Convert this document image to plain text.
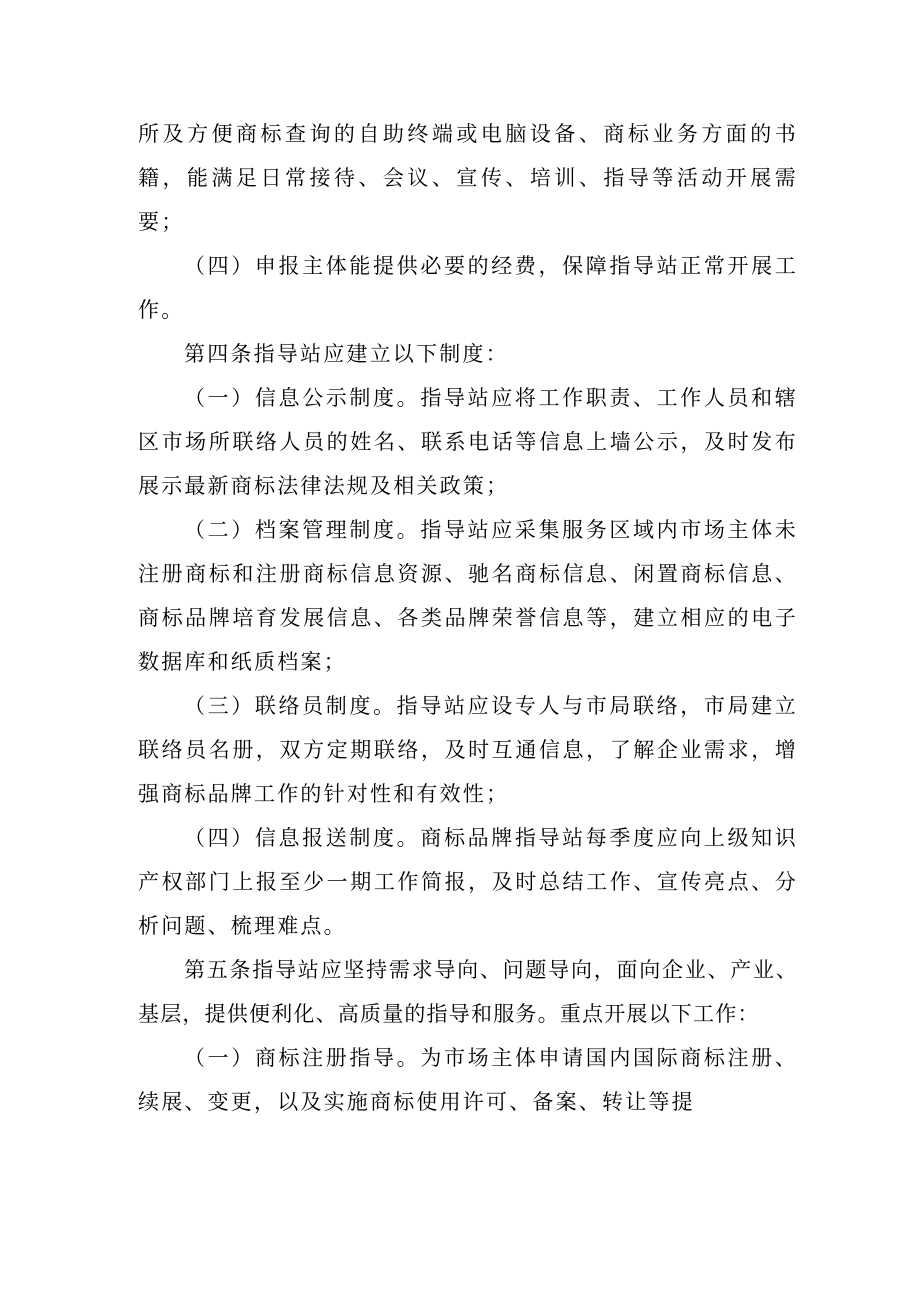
所及方便商标查询的自助终端或电脑设备、商标业务方面的书籍，能满足日常接待、会议、宣传、培训、指导等活动开展需要；

（四）申报主体能提供必要的经费，保障指导站正常开展工作。

第四条指导站应建立以下制度：

（一）信息公示制度。指导站应将工作职责、工作人员和辖区市场所联络人员的姓名、联系电话等信息上墙公示，及时发布展示最新商标法律法规及相关政策；

（二）档案管理制度。指导站应采集服务区域内市场主体未注册商标和注册商标信息资源、驰名商标信息、闲置商标信息、商标品牌培育发展信息、各类品牌荣誉信息等，建立相应的电子数据库和纸质档案；

（三）联络员制度。指导站应设专人与市局联络，市局建立联络员名册，双方定期联络，及时互通信息，了解企业需求，增强商标品牌工作的针对性和有效性；

（四）信息报送制度。商标品牌指导站每季度应向上级知识产权部门上报至少一期工作简报，及时总结工作、宣传亮点、分析问题、梳理难点。

第五条指导站应坚持需求导向、问题导向，面向企业、产业、基层，提供便利化、高质量的指导和服务。重点开展以下工作：

（一）商标注册指导。为市场主体申请国内国际商标注册、续展、变更，以及实施商标使用许可、备案、转让等提
